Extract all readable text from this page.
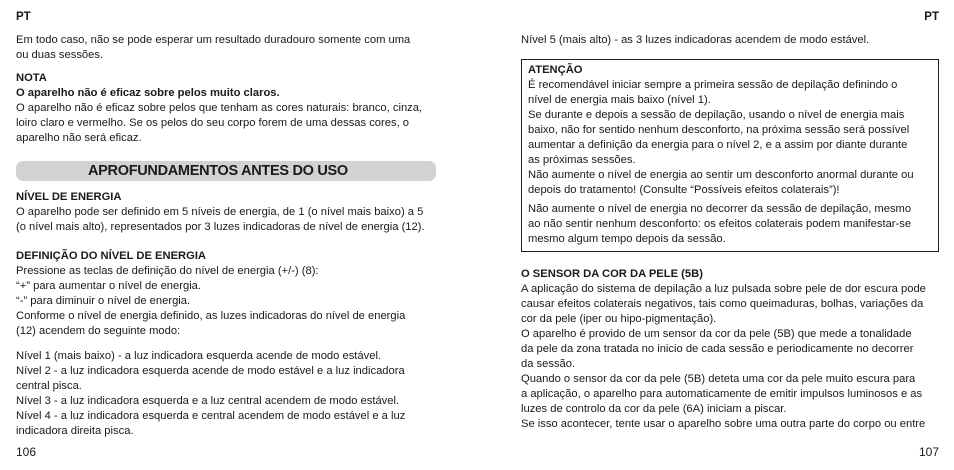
PT

Em todo caso, não se pode esperar um resultado duradouro somente com uma

ou duas sessões.

NOTA

O aparelho não é eficaz sobre pelos muito claros.

O aparelho não é eficaz sobre pelos que tenham as cores naturais: branco, cinza,

loiro claro e vermelho. Se os pelos do seu corpo forem de uma dessas cores, o

aparelho não será eficaz.

APROFUNDAMENTOS ANTES DO USO

NÍVEL DE ENERGIA

O aparelho pode ser definido em 5 níveis de energia, de 1 (o nível mais baixo) a 5

(o nível mais alto), representados por 3 luzes indicadoras de nível de energia (12).

DEFINIÇÃO DO NÍVEL DE ENERGIA

Pressione as teclas de definição do nível de energia (+/-) (8):

“+” para aumentar o nível de energia.

“-” para diminuir o nível de energia.

Conforme o nível de energia definido, as luzes indicadoras do nível de energia

(12) acendem do seguinte modo:

Nível 1 (mais baixo) - a luz indicadora esquerda acende de modo estável.

Nível 2 - a luz indicadora esquerda acende de modo estável e a luz indicadora

central pisca.

Nível 3 - a luz indicadora esquerda e a luz central acendem de modo estável.

Nível 4 - a luz indicadora esquerda e central acendem de modo estável e a luz

indicadora direita pisca.

106
PT

Nível 5 (mais alto) - as 3 luzes indicadoras acendem de modo estável.

ATENÇÃO

É recomendável iniciar sempre a primeira sessão de depilação definindo o

nível de energia mais baixo (nível 1).

Se durante e depois a sessão de depilação, usando o nível de energia mais

baixo, não for sentido nenhum desconforto, na próxima sessão será possível

aumentar a definição da energia para o nível 2, e a assim por diante durante

as próximas sessões.

Não aumente o nível de energia ao sentir um desconforto anormal durante ou

depois do tratamento! (Consulte “Possíveis efeitos colaterais”)!

Não aumente o nível de energia no decorrer da sessão de depilação, mesmo

ao não sentir nenhum desconforto: os efeitos colaterais podem manifestar-se

mesmo algum tempo depois da sessão.

O SENSOR DA COR DA PELE (5B)

A aplicação do sistema de depilação a luz pulsada sobre pele de dor escura pode

causar efeitos colaterais negativos, tais como queimaduras, bolhas, variações da

cor da pele (iper ou hipo-pigmentação).

O aparelho é provido de um sensor da cor da pele (5B) que mede a tonalidade

da pele da zona tratada no inicio de cada sessão e periodicamente no decorrer

da sessão.

Quando o sensor da cor da pele (5B) deteta uma cor da pele muito escura para

a aplicação, o aparelho para automaticamente de emitir impulsos luminosos e as

luzes de controlo da cor da pele (6A) iniciam a piscar.

Se isso acontecer, tente usar o aparelho sobre uma outra parte do corpo ou entre

107
